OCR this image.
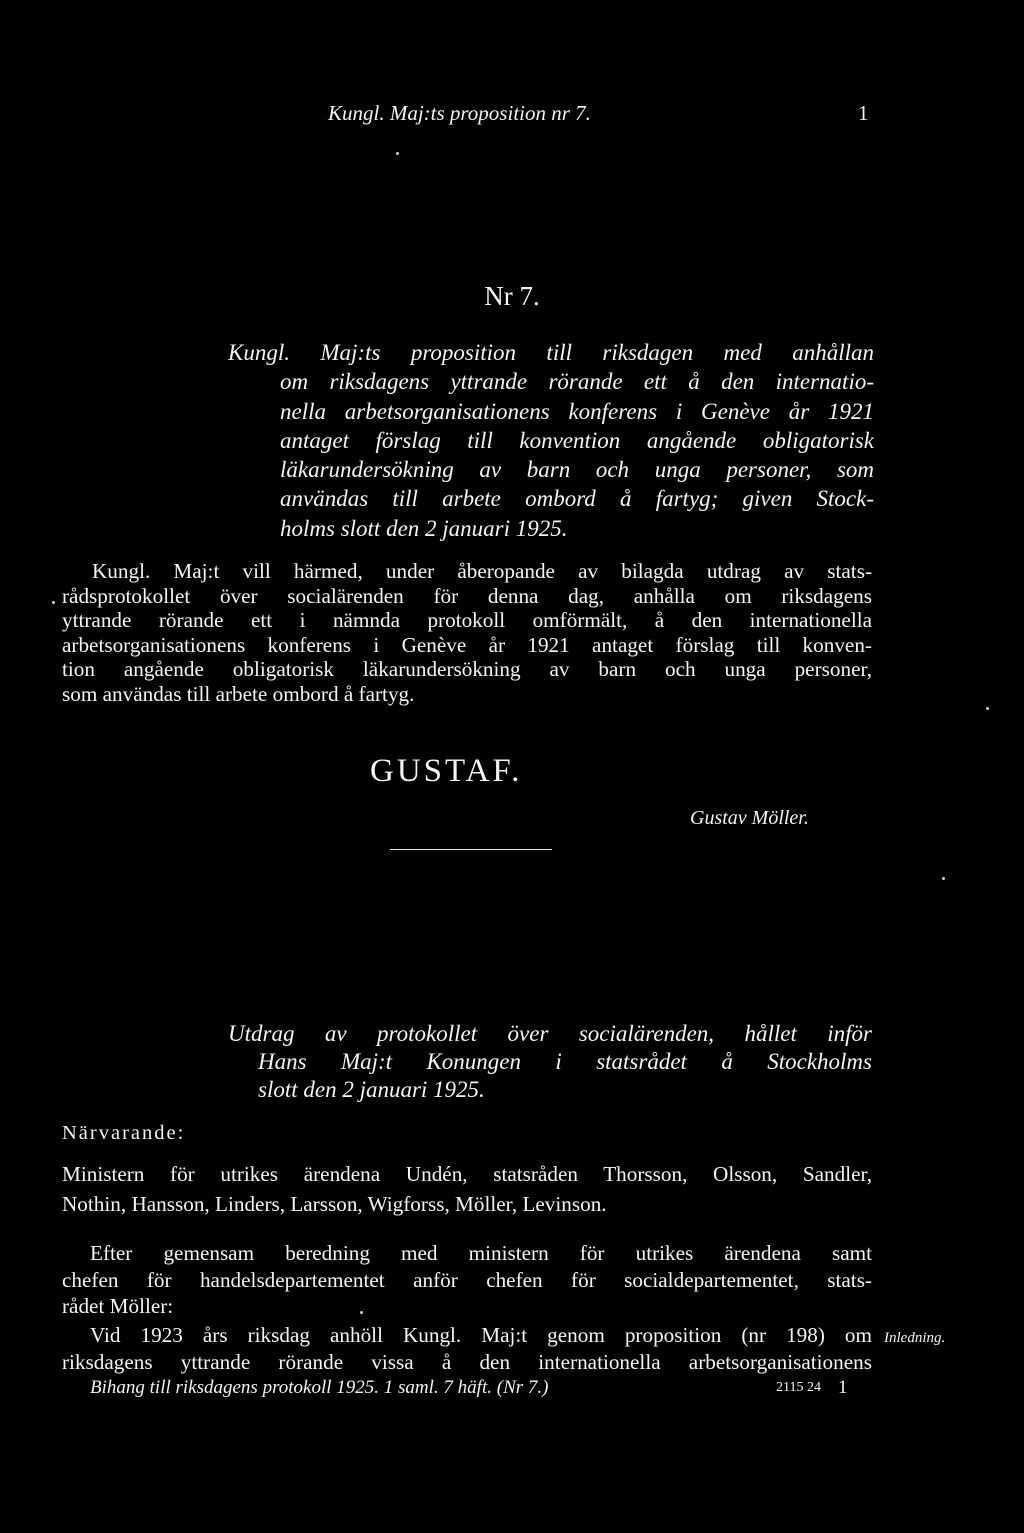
Kungl. Maj:ts proposition nr 7.	1
Nr 7.
Kungl. Maj:ts proposition till riksdagen med anhållan
om riksdagens yttrande rörande ett å den internatio-
nella arbetsorganisationens konferens i Genève år 1921
antaget förslag till konvention angående obligatorisk
läkarundersökning av barn och unga personer, som
användas till arbete ombord å fartyg; given Stock-
holms slott den 2 januari 1925.
Kungl. Maj:t vill härmed, under åberopande av bilagda utdrag av stats-
rådsprotokollet över socialärenden för denna dag, anhålla om riksdagens
yttrande rörande ett i nämnda protokoll omförmält, å den internationella
arbetsorganisationens konferens i Genève år 1921 antaget förslag till konven-
tion angående obligatorisk läkarundersökning av barn och unga personer,
som användas till arbete ombord å fartyg.
GUSTAF.
Gustav Möller.
Utdrag av protokollet över socialärenden, hållet inför
Hans Maj:t Konungen i statsrådet å Stockholms
slott den 2 januari 1925.
Närvarande:
Ministern för utrikes ärendena Undén, statsråden Thorsson, Olsson, Sandler,
Nothin, Hansson, Linders, Larsson, Wigforss, Möller, Levinson.
Efter gemensam beredning med ministern för utrikes ärendena samt
chefen för handelsdepartementet anför chefen för socialdepartementet, stats-
rådet Möller:
Vid 1923 års riksdag anhöll Kungl. Maj:t genom proposition (nr 198) om
riksdagens yttrande rörande vissa å den internationella arbetsorganisationens
Inledning.
Bihang till riksdagens protokoll 1925. 1 saml. 7 häft. (Nr 7.)	2115 24 1
